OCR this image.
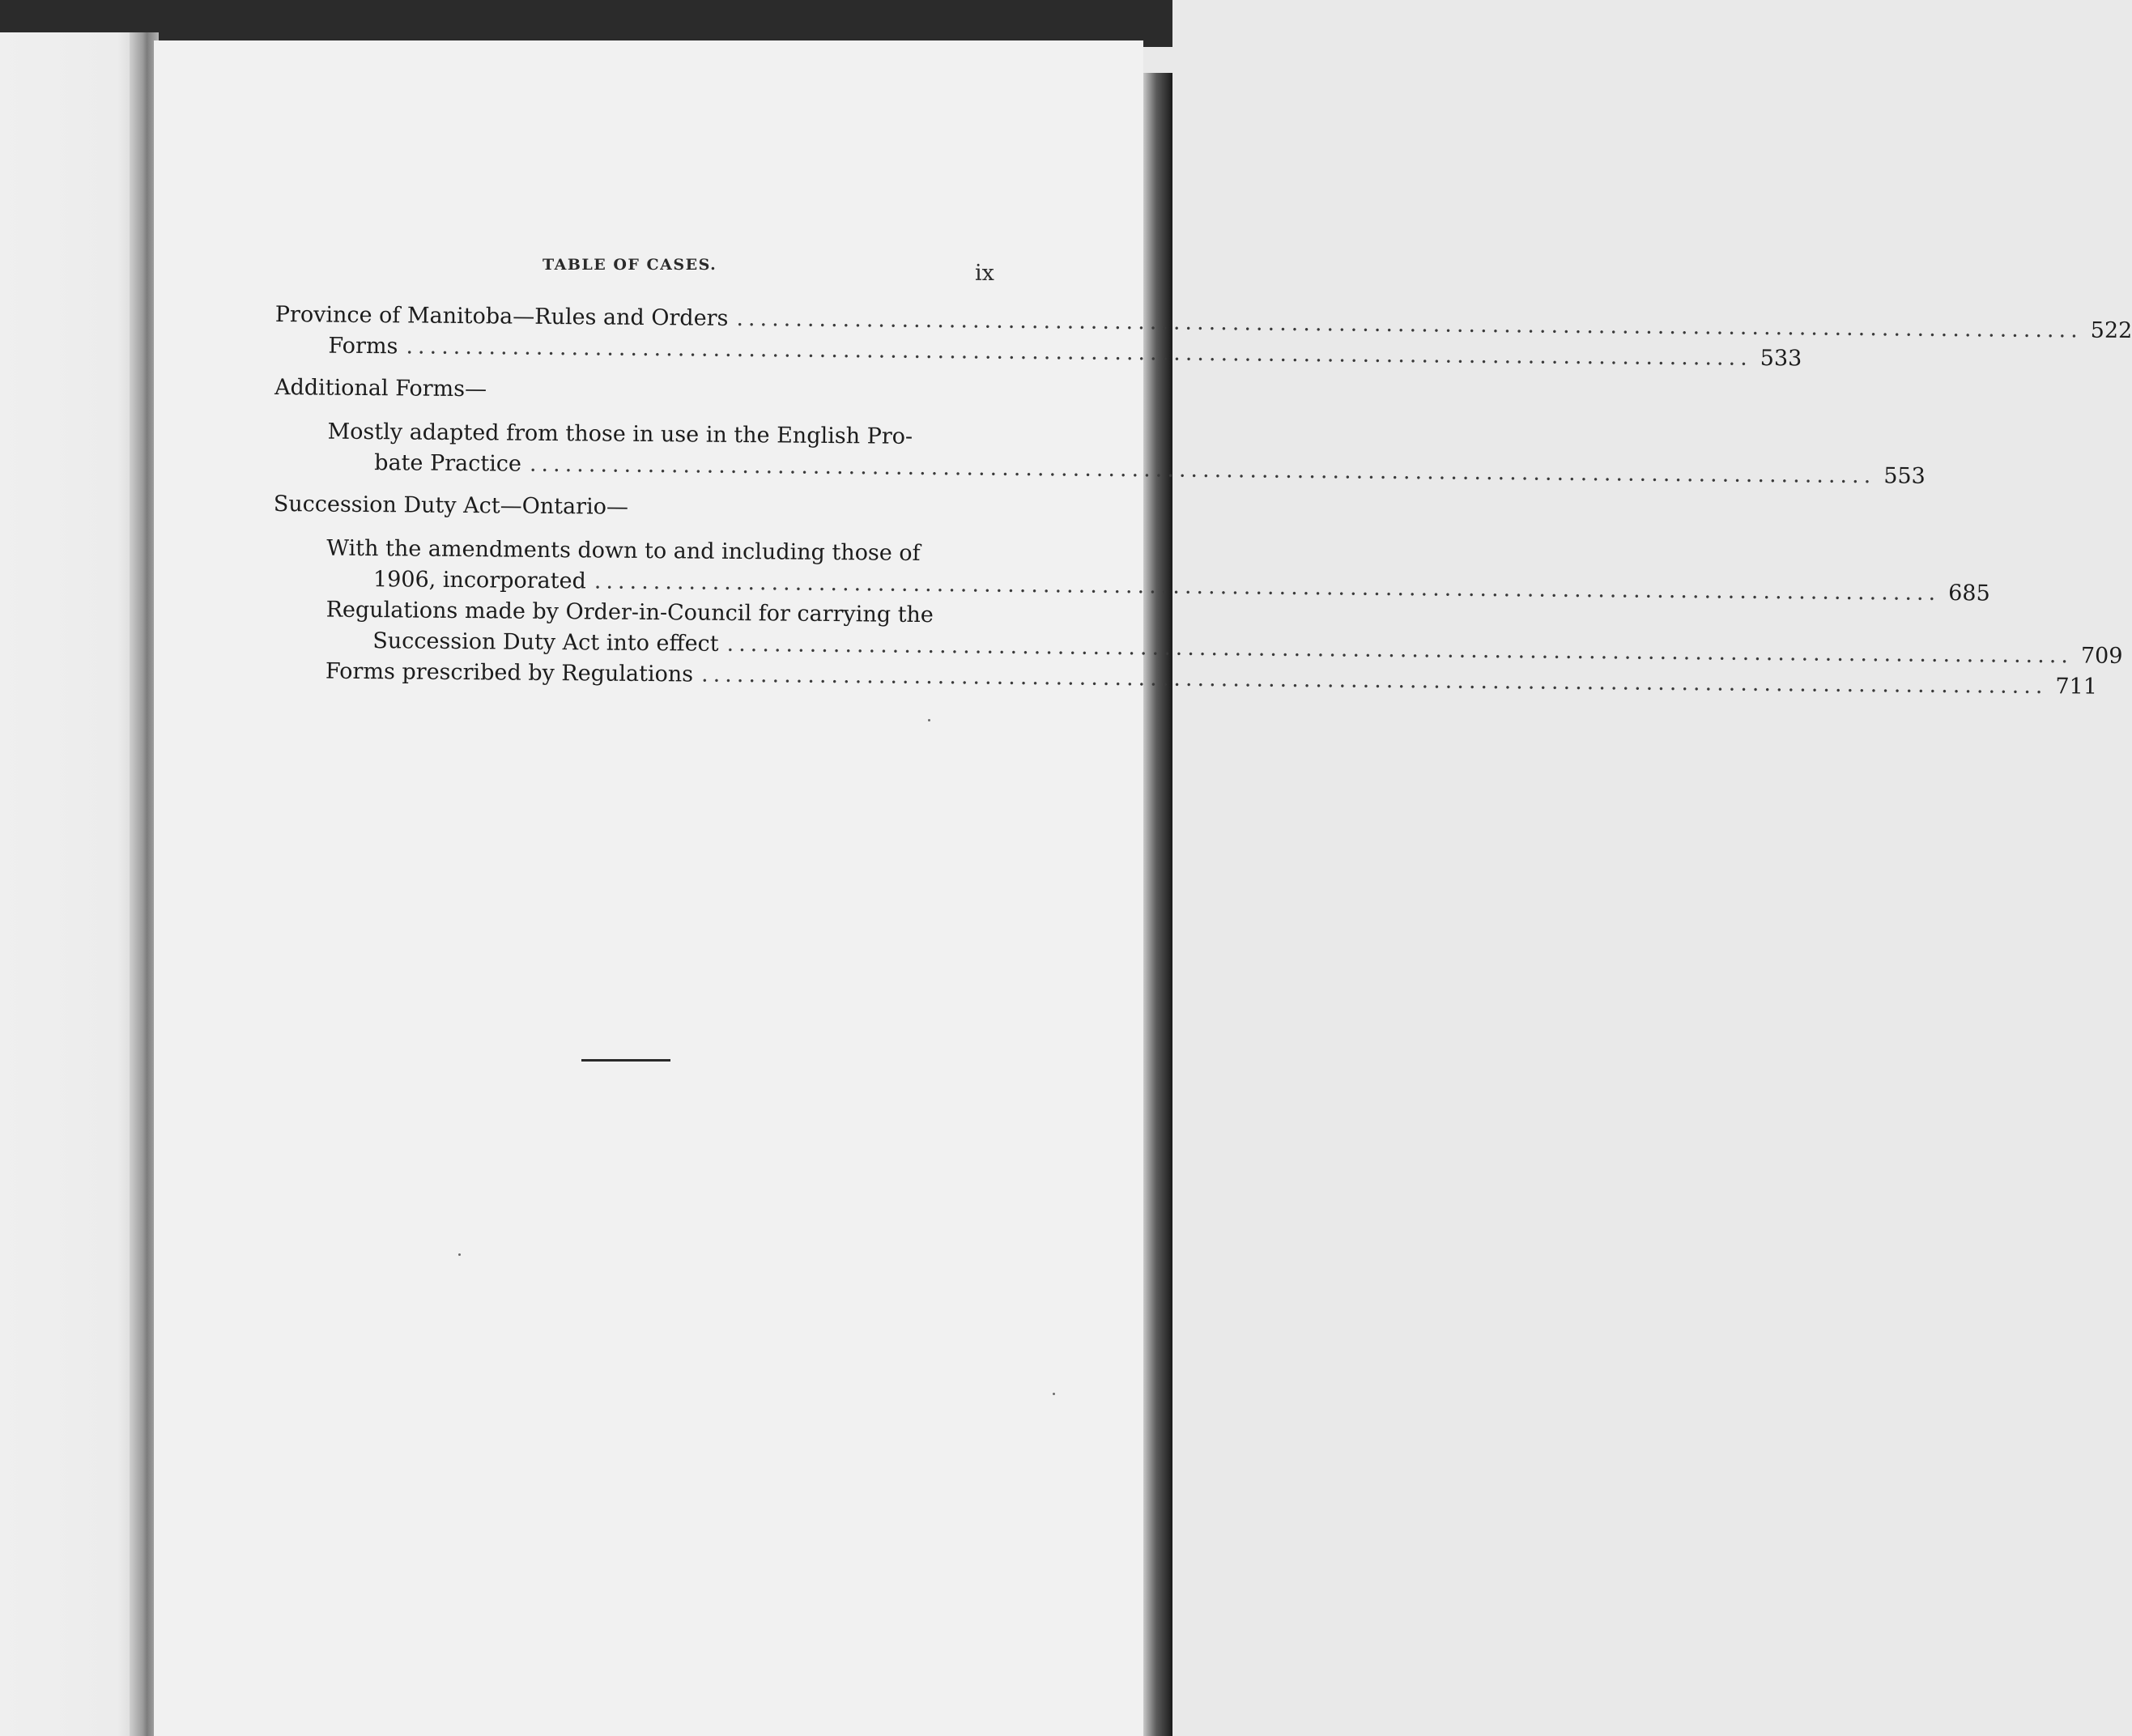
TABLE OF CASES.	ix
Province of Manitoba—Rules and Orders .................................................................................................................. 522
Forms .................................................................................................................. 533
Additional Forms—
Mostly adapted from those in use in the English Pro-
bate Practice .................................................................................................................. 553
Succession Duty Act—Ontario—
With the amendments down to and including those of
1906, incorporated .................................................................................................................. 685
Regulations made by Order-in-Council for carrying the
Succession Duty Act into effect .................................................................................................................. 709
Forms prescribed by Regulations .................................................................................................................. 711
